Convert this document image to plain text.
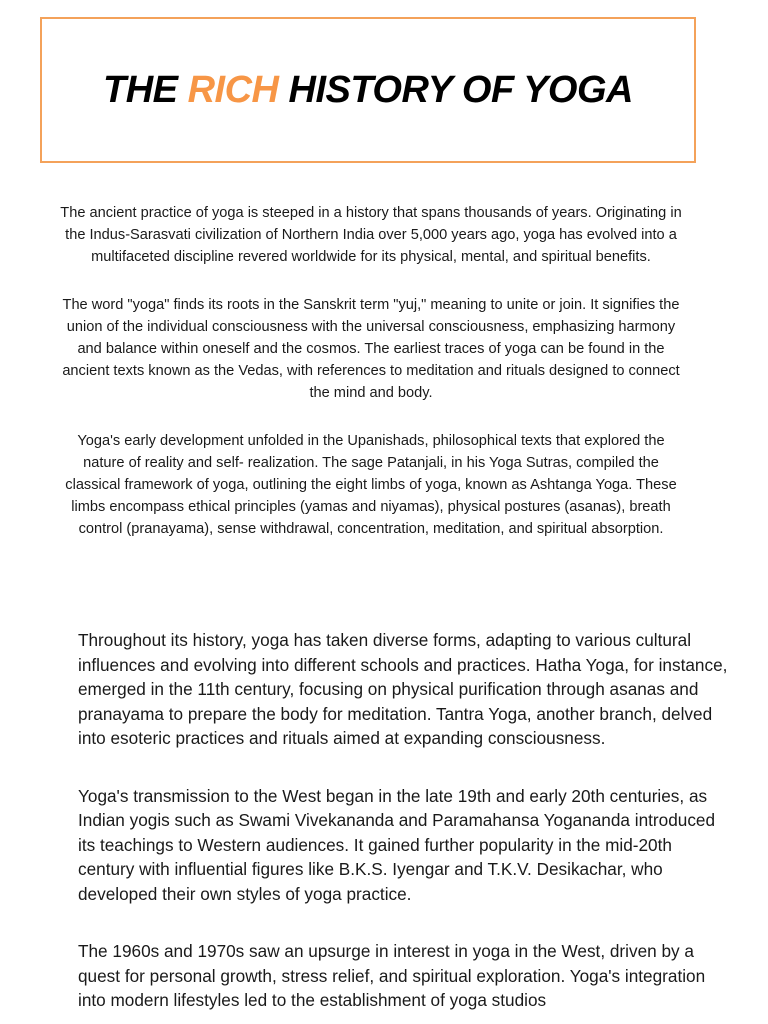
THE RICH HISTORY OF YOGA

The ancient practice of yoga is steeped in a history that spans thousands of years. Originating in the Indus-Sarasvati civilization of Northern India over 5,000 years ago, yoga has evolved into a multifaceted discipline revered worldwide for its physical, mental, and spiritual benefits.

The word "yoga" finds its roots in the Sanskrit term "yuj," meaning to unite or join. It signifies the union of the individual consciousness with the universal consciousness, emphasizing harmony and balance within oneself and the cosmos. The earliest traces of yoga can be found in the ancient texts known as the Vedas, with references to meditation and rituals designed to connect the mind and body.

Yoga's early development unfolded in the Upanishads, philosophical texts that explored the nature of reality and self- realization. The sage Patanjali, in his Yoga Sutras, compiled the classical framework of yoga, outlining the eight limbs of yoga, known as Ashtanga Yoga. These limbs encompass ethical principles (yamas and niyamas), physical postures (asanas), breath control (pranayama), sense withdrawal, concentration, meditation, and spiritual absorption.

Throughout its history, yoga has taken diverse forms, adapting to various cultural influences and evolving into different schools and practices. Hatha Yoga, for instance, emerged in the 11th century, focusing on physical purification through asanas and pranayama to prepare the body for meditation. Tantra Yoga, another branch, delved into esoteric practices and rituals aimed at expanding consciousness.

Yoga's transmission to the West began in the late 19th and early 20th centuries, as Indian yogis such as Swami Vivekananda and Paramahansa Yogananda introduced its teachings to Western audiences. It gained further popularity in the mid-20th century with influential figures like B.K.S. Iyengar and T.K.V. Desikachar, who developed their own styles of yoga practice.

The 1960s and 1970s saw an upsurge in interest in yoga in the West, driven by a quest for personal growth, stress relief, and spiritual exploration. Yoga's integration into modern lifestyles led to the establishment of yoga studios
